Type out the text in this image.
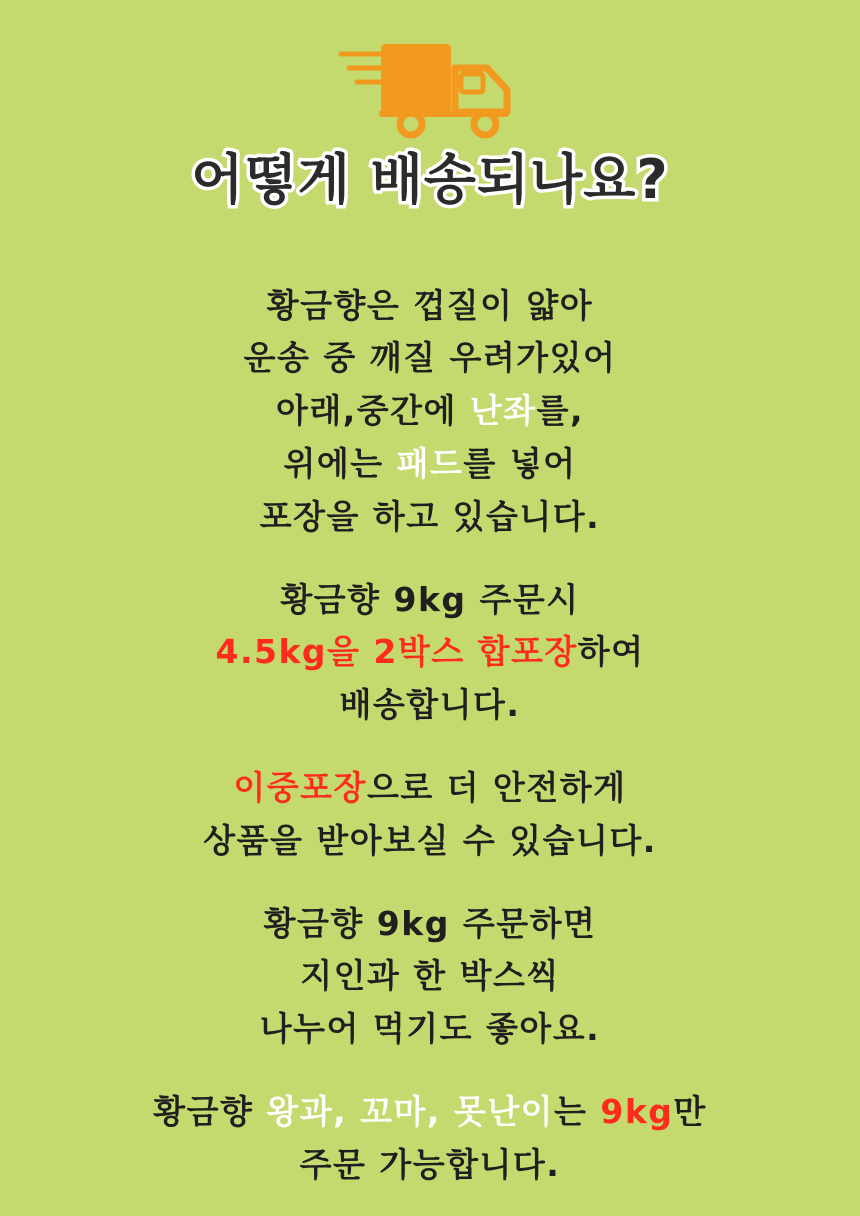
어떻게 배송되나요?
황금향은 껍질이 얇아
운송 중 깨질 우려가있어
아래,중간에 난좌를,
위에는 패드를 넣어
포장을 하고 있습니다.
황금향 9kg 주문시
4.5kg을 2박스 합포장하여
배송합니다.
이중포장으로 더 안전하게
상품을 받아보실 수 있습니다.
황금향 9kg 주문하면
지인과 한 박스씩
나누어 먹기도 좋아요.
황금향 왕과, 꼬마, 못난이는 9kg만
주문 가능합니다.
